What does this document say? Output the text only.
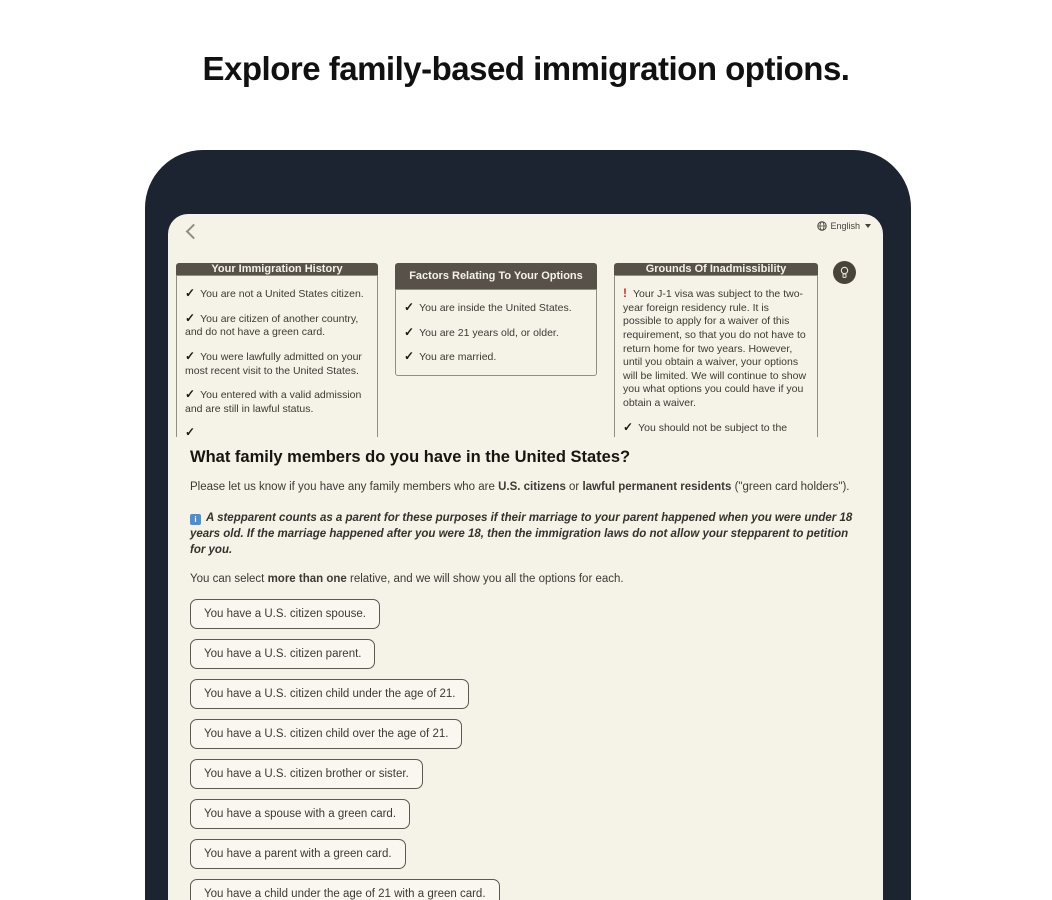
Explore family-based immigration options.
English
Your Immigration History
✓ You are not a United States citizen.
✓ You are citizen of another country, and do not have a green card.
✓ You were lawfully admitted on your most recent visit to the United States.
✓ You entered with a valid admission and are still in lawful status.
✓
Factors Relating To Your Options
✓ You are inside the United States.
✓ You are 21 years old, or older.
✓ You are married.
Grounds Of Inadmissibility
! Your J-1 visa was subject to the two-year foreign residency rule. It is possible to apply for a waiver of this requirement, so that you do not have to return home for two years. However, until you obtain a waiver, your options will be limited. We will continue to show you what options you could have if you obtain a waiver.
✓ You should not be subject to the
What family members do you have in the United States?

Please let us know if you have any family members who are U.S. citizens or lawful permanent residents ("green card holders").

i A stepparent counts as a parent for these purposes if their marriage to your parent happened when you were under 18 years old. If the marriage happened after you were 18, then the immigration laws do not allow your stepparent to petition for you.

You can select more than one relative, and we will show you all the options for each.

You have a U.S. citizen spouse.
You have a U.S. citizen parent.
You have a U.S. citizen child under the age of 21.
You have a U.S. citizen child over the age of 21.
You have a U.S. citizen brother or sister.
You have a spouse with a green card.
You have a parent with a green card.
You have a child under the age of 21 with a green card.
